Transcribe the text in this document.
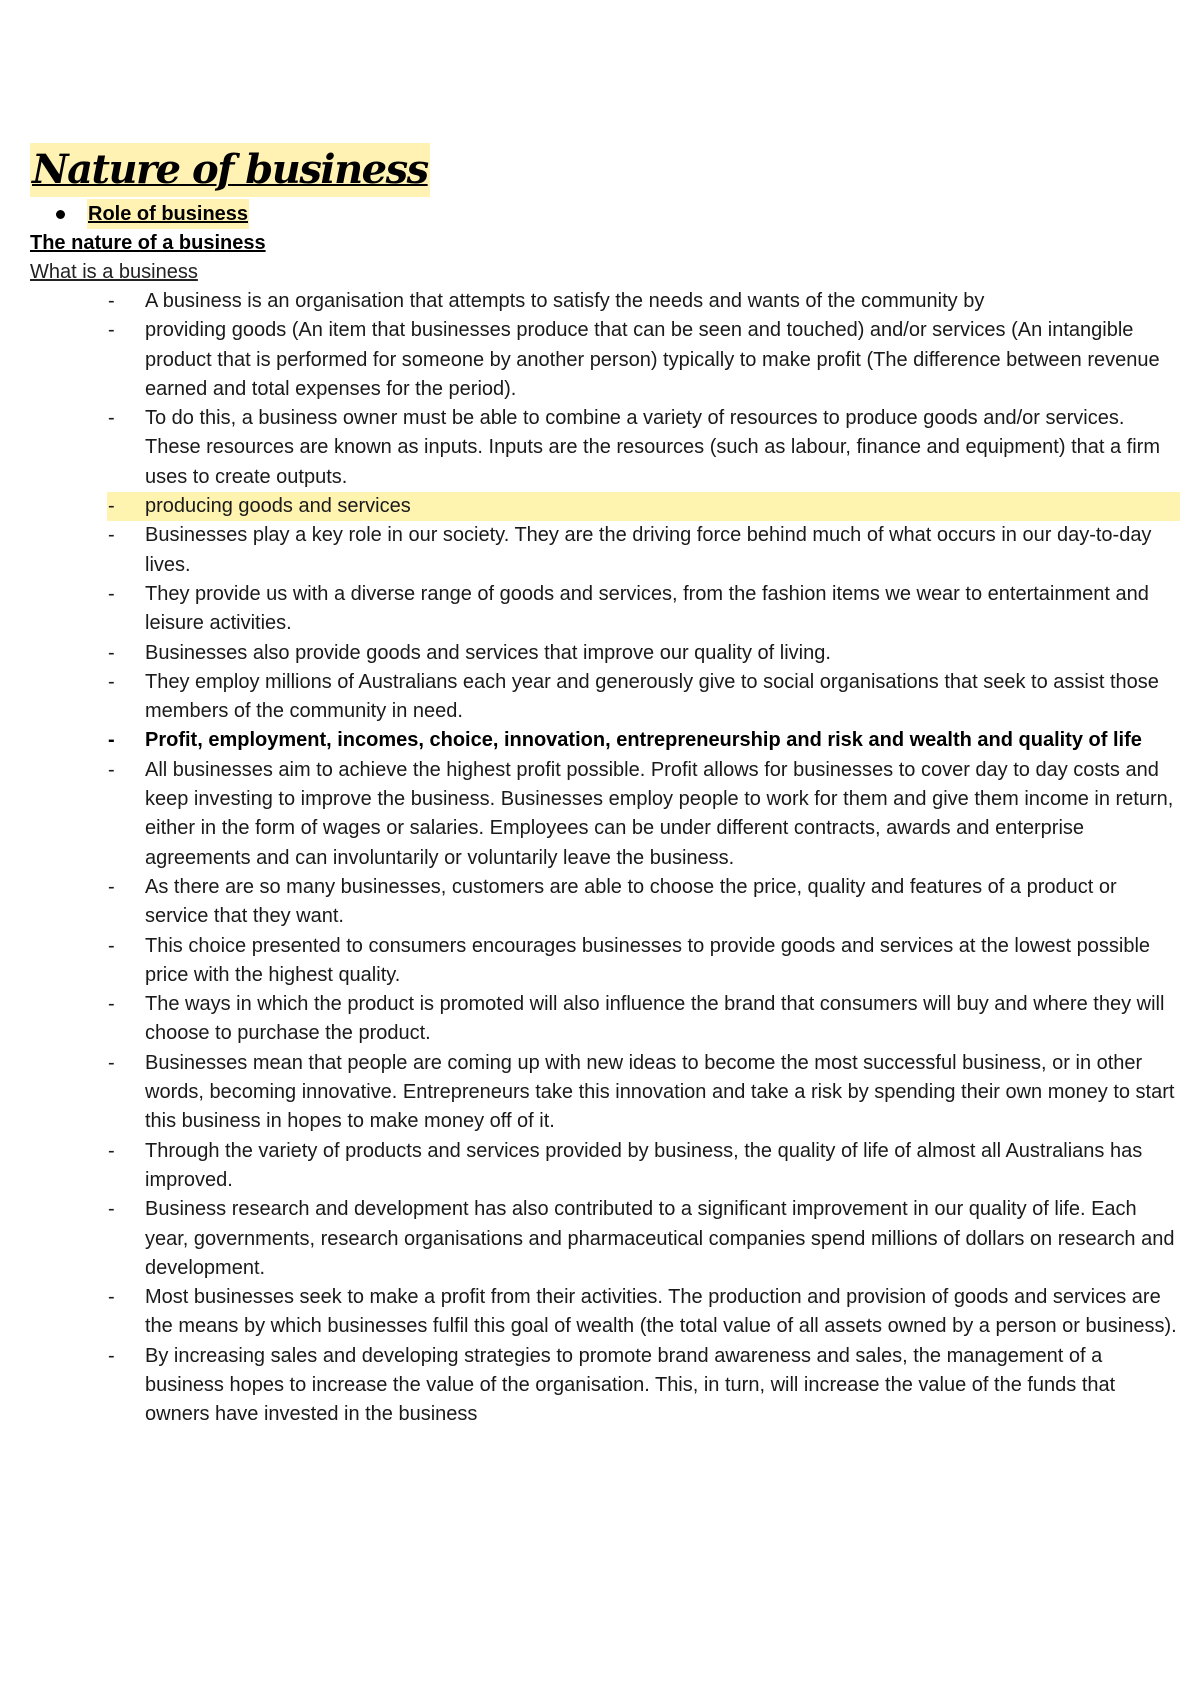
Nature of business
Role of business
The nature of a business
What is a business
- A business is an organisation that attempts to satisfy the needs and wants of the community by
- providing goods (An item that businesses produce that can be seen and touched) and/or services (An intangible product that is performed for someone by another person) typically to make profit (The difference between revenue earned and total expenses for the period).
- To do this, a business owner must be able to combine a variety of resources to produce goods and/or services. These resources are known as inputs. Inputs are the resources (such as labour, finance and equipment) that a firm uses to create outputs.
- producing goods and services
- Businesses play a key role in our society. They are the driving force behind much of what occurs in our day-to-day lives.
- They provide us with a diverse range of goods and services, from the fashion items we wear to entertainment and leisure activities.
- Businesses also provide goods and services that improve our quality of living.
- They employ millions of Australians each year and generously give to social organisations that seek to assist those members of the community in need.
- Profit, employment, incomes, choice, innovation, entrepreneurship and risk and wealth and quality of life
- All businesses aim to achieve the highest profit possible. Profit allows for businesses to cover day to day costs and keep investing to improve the business. Businesses employ people to work for them and give them income in return, either in the form of wages or salaries. Employees can be under different contracts, awards and enterprise agreements and can involuntarily or voluntarily leave the business.
- As there are so many businesses, customers are able to choose the price, quality and features of a product or service that they want.
- This choice presented to consumers encourages businesses to provide goods and services at the lowest possible price with the highest quality.
- The ways in which the product is promoted will also influence the brand that consumers will buy and where they will choose to purchase the product.
- Businesses mean that people are coming up with new ideas to become the most successful business, or in other words, becoming innovative. Entrepreneurs take this innovation and take a risk by spending their own money to start this business in hopes to make money off of it.
- Through the variety of products and services provided by business, the quality of life of almost all Australians has improved.
- Business research and development has also contributed to a significant improvement in our quality of life. Each year, governments, research organisations and pharmaceutical companies spend millions of dollars on research and development.
- Most businesses seek to make a profit from their activities. The production and provision of goods and services are the means by which businesses fulfil this goal of wealth (the total value of all assets owned by a person or business).
- By increasing sales and developing strategies to promote brand awareness and sales, the management of a business hopes to increase the value of the organisation. This, in turn, will increase the value of the funds that owners have invested in the business
